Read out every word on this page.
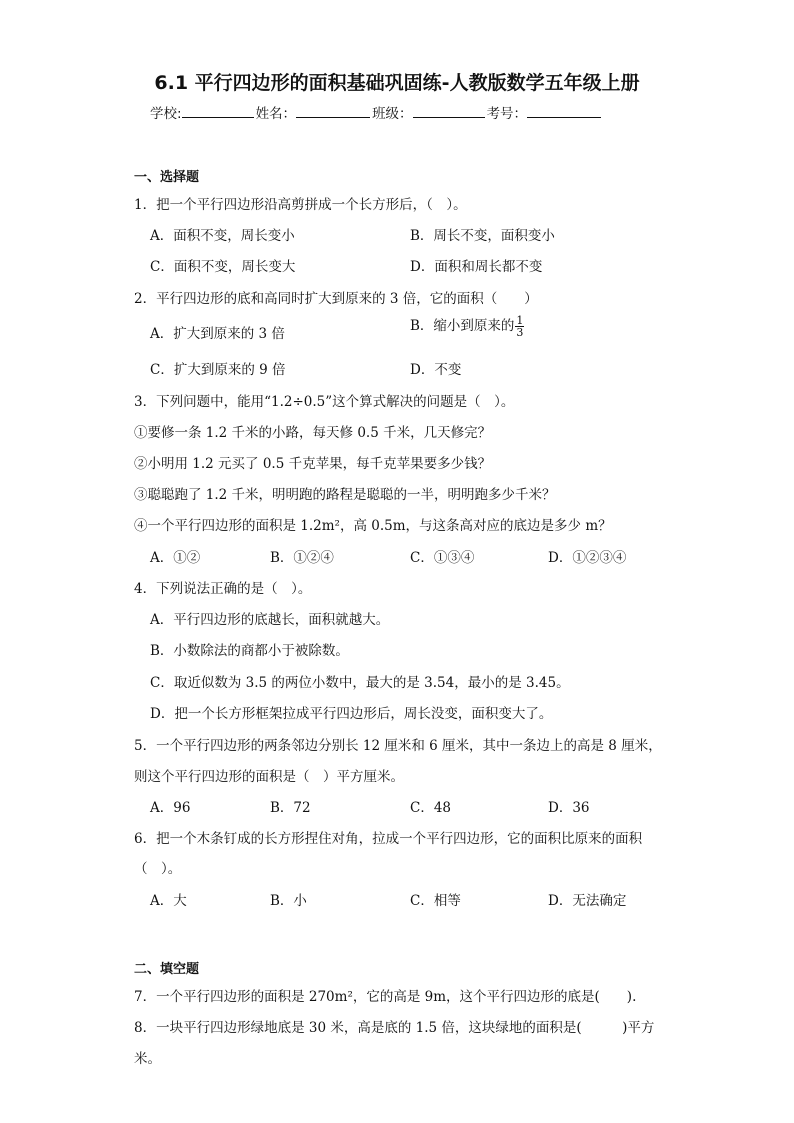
6.1 平行四边形的面积基础巩固练-人教版数学五年级上册
学校:	姓名：	班级：	考号：
一、选择题
1．把一个平行四边形沿高剪拼成一个长方形后，（　）。
A．面积不变，周长变小	B．周长不变，面积变小
C．面积不变，周长变大	D．面积和周长都不变
2．平行四边形的底和高同时扩大到原来的 3 倍，它的面积（　　）
A．扩大到原来的 3 倍	B．缩小到原来的 $\frac{1}{3}$
C．扩大到原来的 9 倍	D．不变
3．下列问题中，能用“1.2÷0.5”这个算式解决的问题是（　）。
①要修一条 1.2 千米的小路，每天修 0.5 千米，几天修完？
②小明用 1.2 元买了 0.5 千克苹果，每千克苹果要多少钱？
③聪聪跑了 1.2 千米，明明跑的路程是聪聪的一半，明明跑多少千米？
④一个平行四边形的面积是 1.2m²，高 0.5m，与这条高对应的底边是多少 m？
A．①②	B．①②④	C．①③④	D．①②③④
4．下列说法正确的是（　）。
A．平行四边形的底越长，面积就越大。
B．小数除法的商都小于被除数。
C．取近似数为 3.5 的两位小数中，最大的是 3.54，最小的是 3.45。
D．把一个长方形框架拉成平行四边形后，周长没变，面积变大了。
5．一个平行四边形的两条邻边分别长 12 厘米和 6 厘米，其中一条边上的高是 8 厘米，
则这个平行四边形的面积是（　）平方厘米。
A．96	B．72	C．48	D．36
6．把一个木条钉成的长方形捏住对角，拉成一个平行四边形，它的面积比原来的面积
（　）。
A．大	B．小	C．相等	D．无法确定
二、填空题
7．一个平行四边形的面积是 270m²，它的高是 9m，这个平行四边形的底是(　　).
8．一块平行四边形绿地底是 30 米，高是底的 1.5 倍，这块绿地的面积是(　　　)平方
米。
